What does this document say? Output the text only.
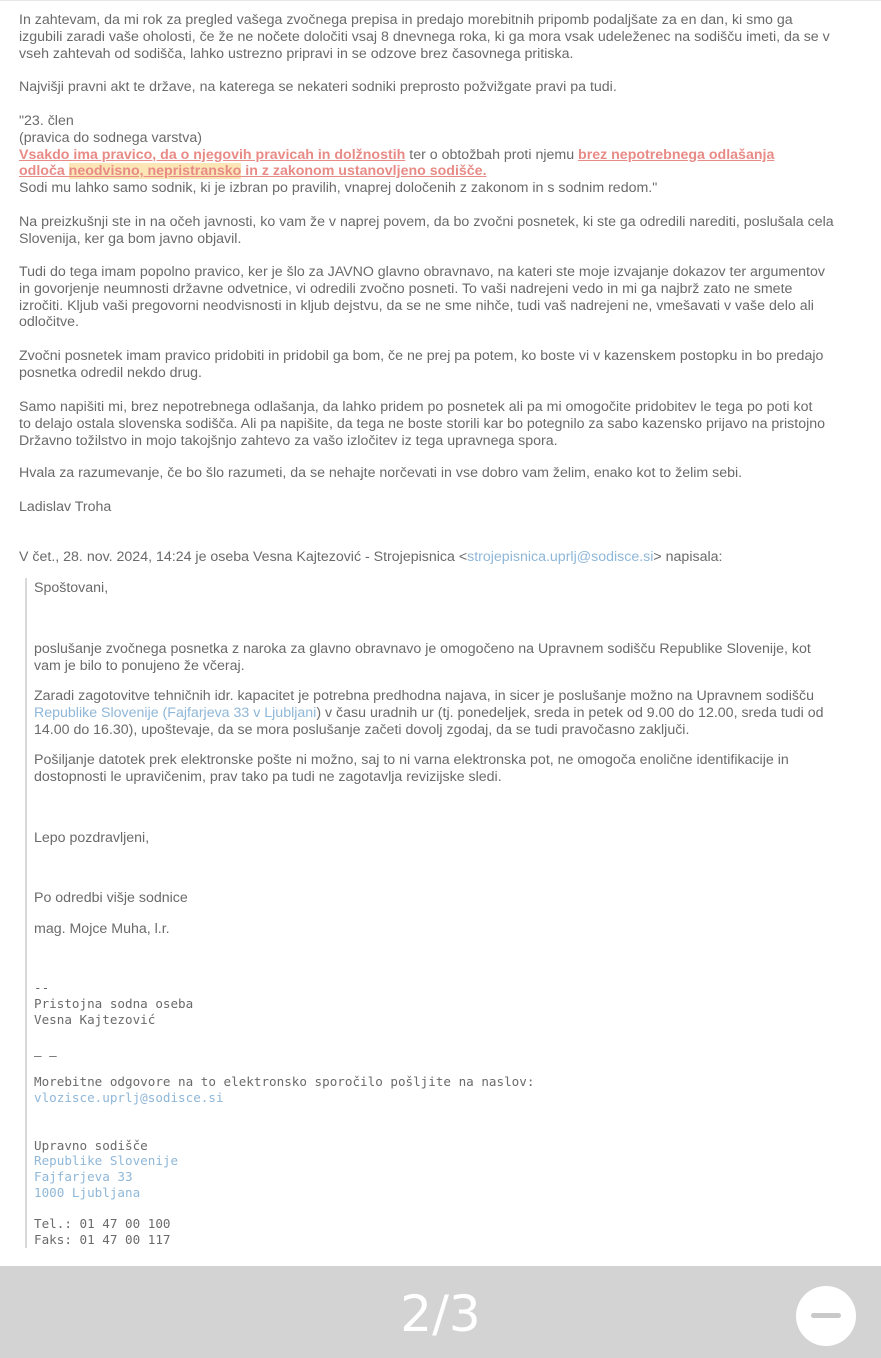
In zahtevam, da mi rok za pregled vašega zvočnega prepisa in predajo morebitnih pripomb podaljšate za en dan, ki smo ga
izgubili zaradi vaše oholosti, če že ne nočete določiti vsaj 8 dnevnega roka, ki ga mora vsak udeleženec na sodišču imeti, da se v
vseh zahtevah od sodišča, lahko ustrezno pripravi in se odzove brez časovnega pritiska.
Najvišji pravni akt te države, na katerega se nekateri sodniki preprosto požvižgate pravi pa tudi.
"23. člen
(pravica do sodnega varstva)
Vsakdo ima pravico, da o njegovih pravicah in dolžnostih ter o obtožbah proti njemu brez nepotrebnega odlašanja
odloča neodvisno, nepristransko in z zakonom ustanovljeno sodišče.
Sodi mu lahko samo sodnik, ki je izbran po pravilih, vnaprej določenih z zakonom in s sodnim redom."
Na preizkušnji ste in na očeh javnosti, ko vam že v naprej povem, da bo zvočni posnetek, ki ste ga odredili narediti, poslušala cela
Slovenija, ker ga bom javno objavil.
Tudi do tega imam popolno pravico, ker je šlo za JAVNO glavno obravnavo, na kateri ste moje izvajanje dokazov ter argumentov
in govorjenje neumnosti državne odvetnice, vi odredili zvočno posneti. To vaši nadrejeni vedo in mi ga najbrž zato ne smete
izročiti. Kljub vaši pregovorni neodvisnosti in kljub dejstvu, da se ne sme nihče, tudi vaš nadrejeni ne, vmešavati v vaše delo ali
odločitve.
Zvočni posnetek imam pravico pridobiti in pridobil ga bom, če ne prej pa potem, ko boste vi v kazenskem postopku in bo predajo
posnetka odredil nekdo drug.
Samo napišiti mi, brez nepotrebnega odlašanja, da lahko pridem po posnetek ali pa mi omogočite pridobitev le tega po poti kot
to delajo ostala slovenska sodišča. Ali pa napišite, da tega ne boste storili kar bo potegnilo za sabo kazensko prijavo na pristojno
Državno tožilstvo in mojo takojšnjo zahtevo za vašo izločitev iz tega upravnega spora.
Hvala za razumevanje, če bo šlo razumeti, da se nehajte norčevati in vse dobro vam želim, enako kot to želim sebi.
Ladislav Troha
V čet., 28. nov. 2024, 14:24 je oseba Vesna Kajtezović - Strojepisnica <strojepisnica.uprlj@sodisce.si> napisala:
Spoštovani,
poslušanje zvočnega posnetka z naroka za glavno obravnavo je omogočeno na Upravnem sodišču Republike Slovenije, kot
vam je bilo to ponujeno že včeraj.
Zaradi zagotovitve tehničnih idr. kapacitet je potrebna predhodna najava, in sicer je poslušanje možno na Upravnem sodišču
Republike Slovenije (Fajfarjeva 33 v Ljubljani) v času uradnih ur (tj. ponedeljek, sreda in petek od 9.00 do 12.00, sreda tudi od
14.00 do 16.30), upoštevaje, da se mora poslušanje začeti dovolj zgodaj, da se tudi pravočasno zaključi.
Pošiljanje datotek prek elektronske pošte ni možno, saj to ni varna elektronska pot, ne omogoča enolične identifikacije in
dostopnosti le upravičenim, prav tako pa tudi ne zagotavlja revizijske sledi.
Lepo pozdravljeni,
Po odredbi višje sodnice
mag. Mojce Muha, l.r.
--
Pristojna sodna oseba
Vesna Kajtezović
— —
Morebitne odgovore na to elektronsko sporočilo pošljite na naslov:
vlozisce.uprlj@sodisce.si
Upravno sodišče
Republike Slovenije
Fajfarjeva 33
1000 Ljubljana
Tel.: 01 47 00 100
Faks: 01 47 00 117
2/3
